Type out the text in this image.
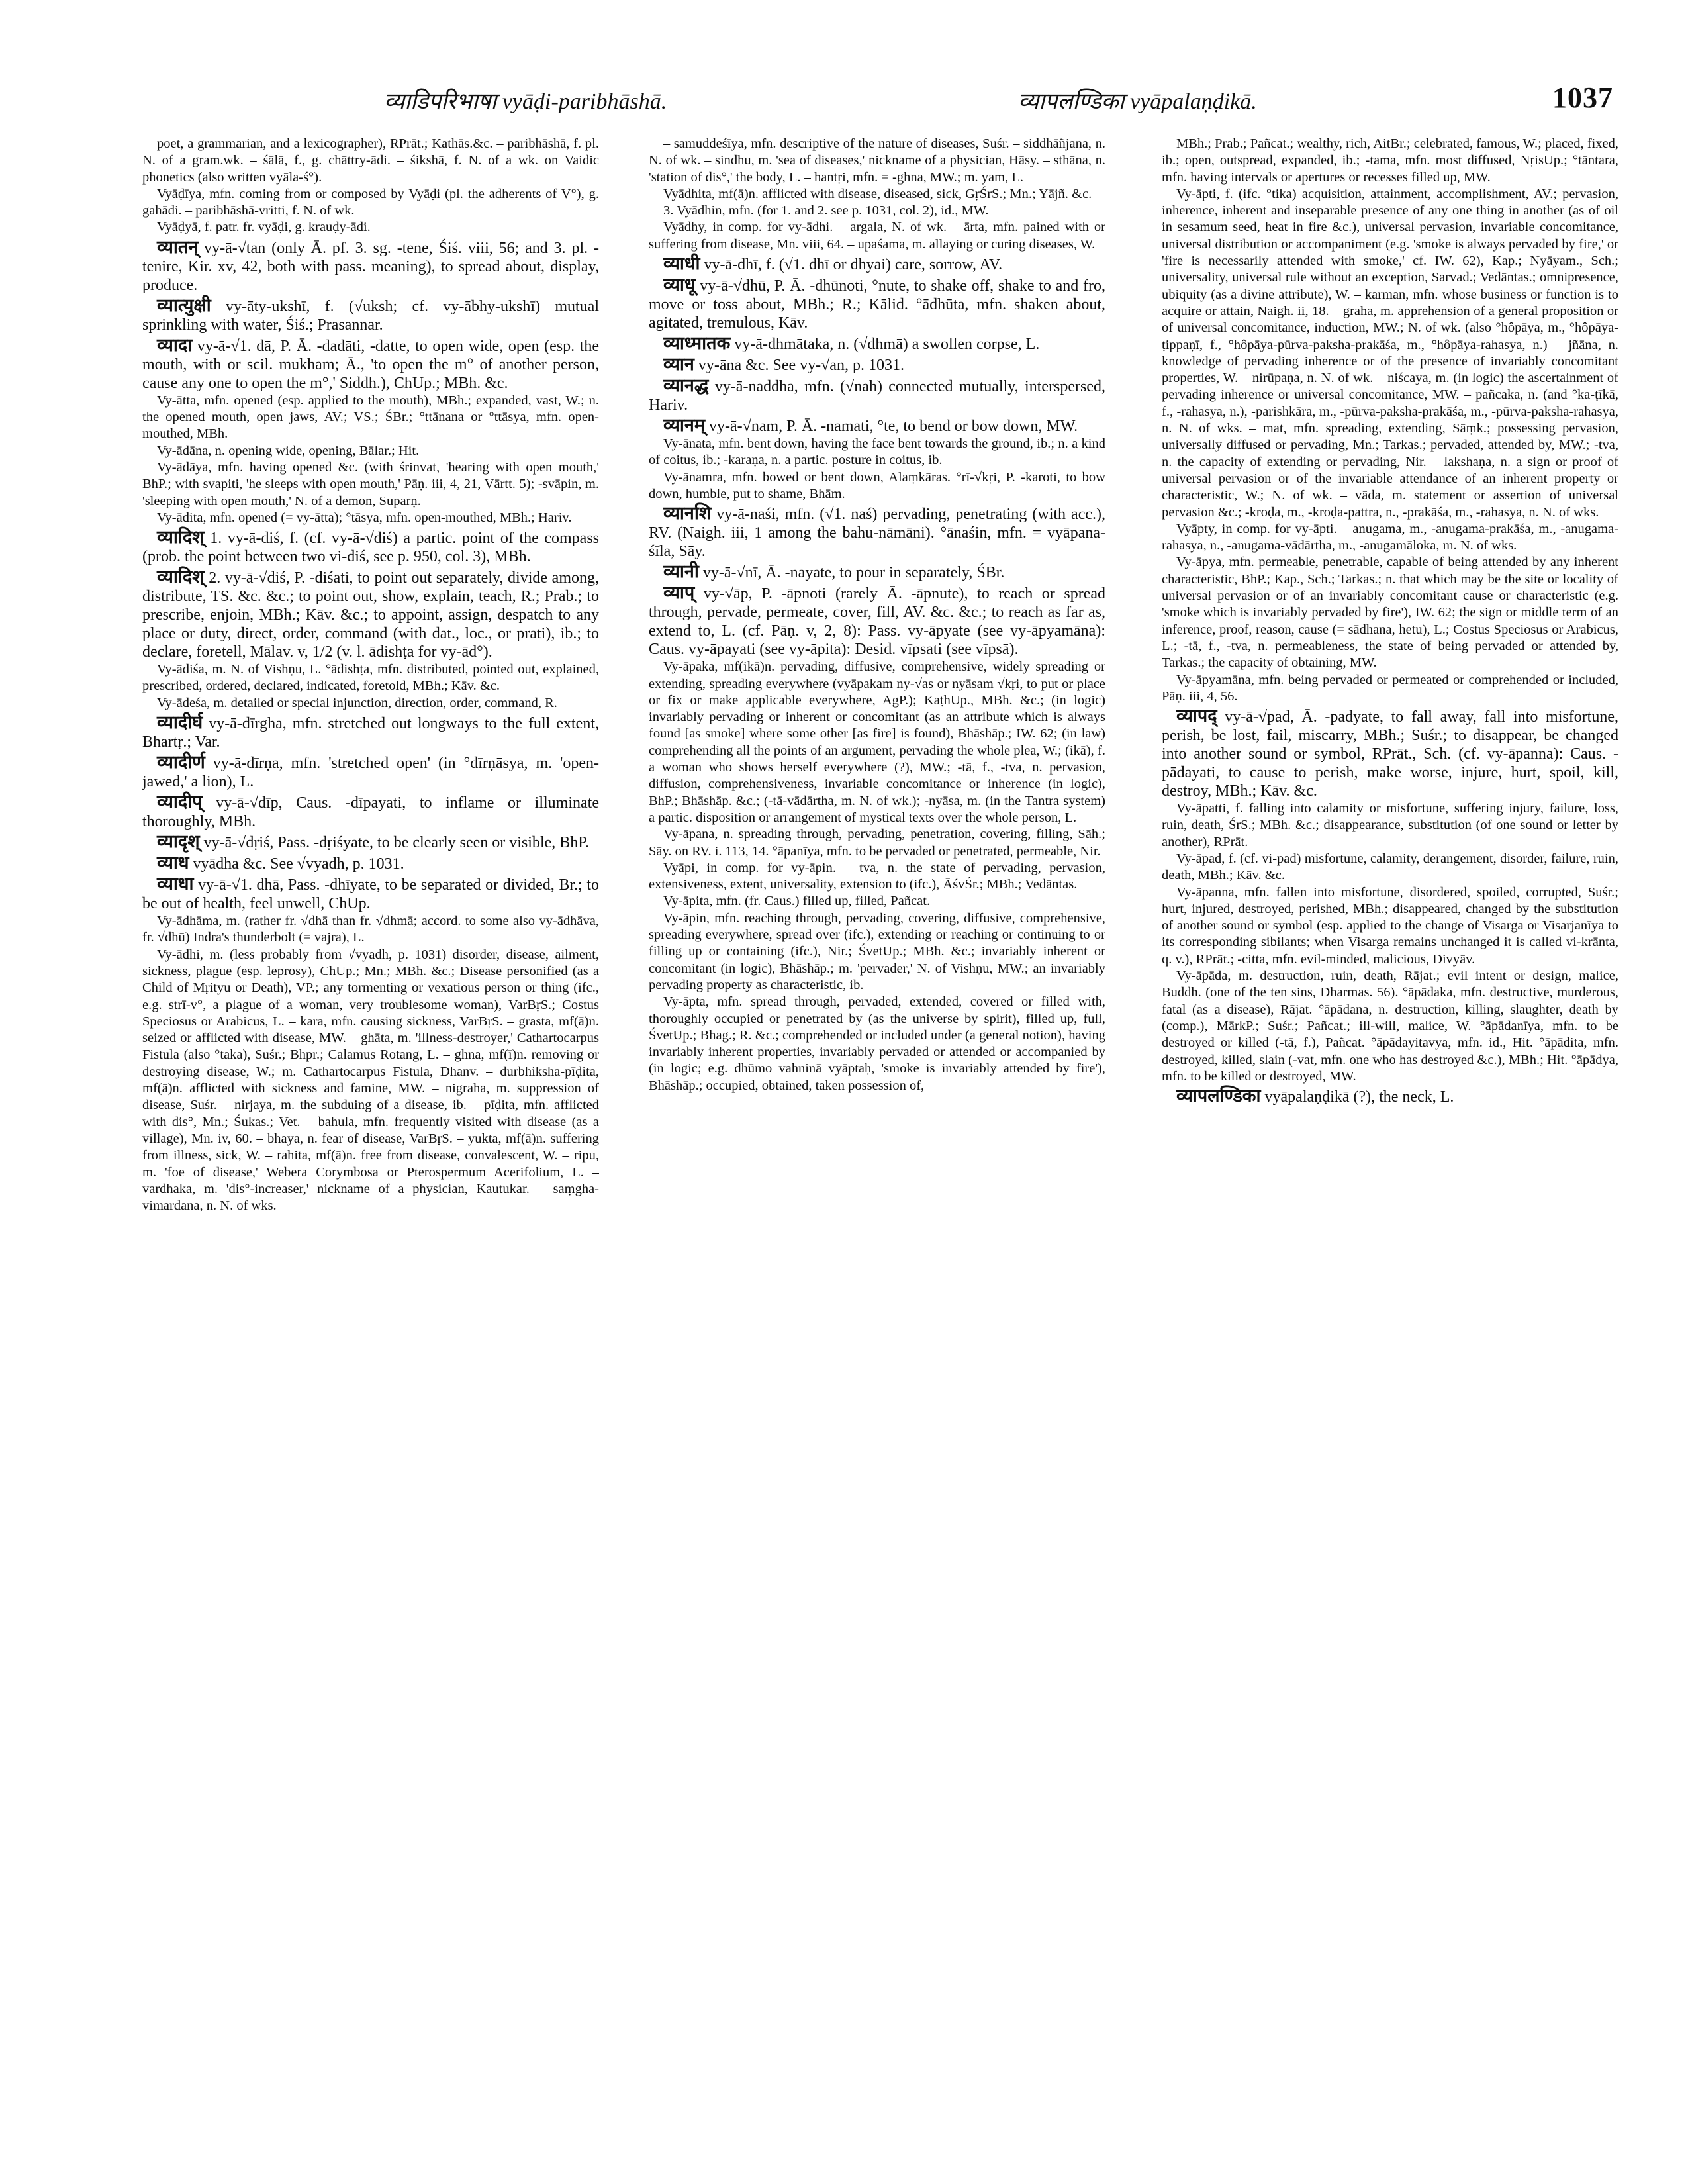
व्याडिपरिभाषा vyāḍi-paribhāshā.	व्यापलण्डिका vyāpalaṇḍikā.	1037

poet, a grammarian, and a lexicographer), RPrāt.; Kathās.&c. – paribhāshā, f. pl. N. of a gram.wk. – śālā, f., g. chāttry-ādi. – śikshā, f. N. of a wk. on Vaidic phonetics (also written vyāla-ś°).

Vyāḍīya, mfn. coming from or composed by Vyāḍi (pl. the adherents of V°), g. gahādi. – paribhāshā-vritti, f. N. of wk.

Vyāḍyā, f. patr. fr. vyāḍi, g. krauḍy-ādi.

व्यातन् vy-ā-√tan (only Ā. pf. 3. sg. -tene, Śiś. viii, 56; and 3. pl. -tenire, Kir. xv, 42, both with pass. meaning), to spread about, display, produce.

व्यात्युक्षी vy-āty-ukshī, f. (√uksh; cf. vy-ābhy-ukshī) mutual sprinkling with water, Śiś.; Prasannar.

व्यादा vy-ā-√1. dā, P. Ā. -dadāti, -datte, to open wide, open (esp. the mouth, with or scil. mukham; Ā., 'to open the m° of another person, cause any one to open the m°,' Siddh.), ChUp.; MBh. &c.

Vy-ātta, mfn. opened (esp. applied to the mouth), MBh.; expanded, vast, W.; n. the opened mouth, open jaws, AV.; VS.; ŚBr.; °ttānana or °ttāsya, mfn. open-mouthed, MBh.

Vy-ādāna, n. opening wide, opening, Bālar.; Hit.

Vy-ādāya, mfn. having opened &c. (with śrinvat, 'hearing with open mouth,' BhP.; with svapiti, 'he sleeps with open mouth,' Pāṇ. iii, 4, 21, Vārtt. 5); -svāpin, m. 'sleeping with open mouth,' N. of a demon, Suparṇ.

Vy-ādita, mfn. opened (= vy-ātta); °tāsya, mfn. open-mouthed, MBh.; Hariv.

व्यादिश् 1. vy-ā-diś, f. (cf. vy-ā-√diś) a partic. point of the compass (prob. the point between two vi-diś, see p. 950, col. 3), MBh.

व्यादिश् 2. vy-ā-√diś, P. -diśati, to point out separately, divide among, distribute, TS. &c. &c.; to point out, show, explain, teach, R.; Prab.; to prescribe, enjoin, MBh.; Kāv. &c.; to appoint, assign, despatch to any place or duty, direct, order, command (with dat., loc., or prati), ib.; to declare, foretell, Mālav. v, 1/2 (v. l. ādishṭa for vy-ād°).

Vy-ādiśa, m. N. of Vishṇu, L. °ādishṭa, mfn. distributed, pointed out, explained, prescribed, ordered, declared, indicated, foretold, MBh.; Kāv. &c.

Vy-ādeśa, m. detailed or special injunction, direction, order, command, R.

व्यादीर्घ vy-ā-dīrgha, mfn. stretched out longways to the full extent, Bhartṛ.; Var.

व्यादीर्ण vy-ā-dīrṇa, mfn. 'stretched open' (in °dīrṇāsya, m. 'open-jawed,' a lion), L.

व्यादीप् vy-ā-√dīp, Caus. -dīpayati, to inflame or illuminate thoroughly, MBh.

व्यादृश् vy-ā-√dṛiś, Pass. -dṛiśyate, to be clearly seen or visible, BhP.

व्याध vyādha &c. See √vyadh, p. 1031.

व्याधा vy-ā-√1. dhā, Pass. -dhīyate, to be separated or divided, Br.; to be out of health, feel unwell, ChUp.

Vy-ādhāma, m. (rather fr. √dhā than fr. √dhmā; accord. to some also vy-ādhāva, fr. √dhū) Indra's thunderbolt (= vajra), L.

Vy-ādhi, m. (less probably from √vyadh, p. 1031) disorder, disease, ailment, sickness, plague (esp. leprosy), ChUp.; Mn.; MBh. &c.; Disease personified (as a Child of Mṛityu or Death), VP.; any tormenting or vexatious person or thing (ifc., e.g. strī-v°, a plague of a woman, very troublesome woman), VarBṛS.; Costus Speciosus or Arabicus, L. – kara, mfn. causing sickness, VarBṛS. – grasta, mf(ā)n. seized or afflicted with disease, MW. – ghāta, m. 'illness-destroyer,' Cathartocarpus Fistula (also °taka), Suśr.; Bhpr.; Calamus Rotang, L. – ghna, mf(ī)n. removing or destroying disease, W.; m. Cathartocarpus Fistula, Dhanv. – durbhiksha-pīḍita, mf(ā)n. afflicted with sickness and famine, MW. – nigraha, m. suppression of disease, Suśr. – nirjaya, m. the subduing of a disease, ib. – pīḍita, mfn. afflicted with dis°, Mn.; Śukas.; Vet. – bahula, mfn. frequently visited with disease (as a village), Mn. iv, 60. – bhaya, n. fear of disease, VarBṛS. – yukta, mf(ā)n. suffering from illness, sick, W. – rahita, mf(ā)n. free from disease, convalescent, W. – ripu, m. 'foe of disease,' Webera Corymbosa or Pterospermum Acerifolium, L. – vardhaka, m. 'dis°-increaser,' nickname of a physician, Kautukar. – saṃgha-vimardana, n. N. of wks.

– samuddeśīya, mfn. descriptive of the nature of diseases, Suśr. – siddhāñjana, n. N. of wk. – sindhu, m. 'sea of diseases,' nickname of a physician, Hāsy. – sthāna, n. 'station of dis°,' the body, L. – hantṛi, mfn. = -ghna, MW.; m. yam, L.

Vyādhita, mf(ā)n. afflicted with disease, diseased, sick, GṛŚrS.; Mn.; Yājñ. &c.

3. Vyādhin, mfn. (for 1. and 2. see p. 1031, col. 2), id., MW.

Vyādhy, in comp. for vy-ādhi. – argala, N. of wk. – ārta, mfn. pained with or suffering from disease, Mn. viii, 64. – upaśama, m. allaying or curing diseases, W.

व्याधी vy-ā-dhī, f. (√1. dhī or dhyai) care, sorrow, AV.

व्याधू vy-ā-√dhū, P. Ā. -dhūnoti, °nute, to shake off, shake to and fro, move or toss about, MBh.; R.; Kālid. °ādhūta, mfn. shaken about, agitated, tremulous, Kāv.

व्याध्मातक vy-ā-dhmātaka, n. (√dhmā) a swollen corpse, L.

व्यान vy-āna &c. See vy-√an, p. 1031.

व्यानद्ध vy-ā-naddha, mfn. (√nah) connected mutually, interspersed, Hariv.

व्यानम् vy-ā-√nam, P. Ā. -namati, °te, to bend or bow down, MW.

Vy-ānata, mfn. bent down, having the face bent towards the ground, ib.; n. a kind of coitus, ib.; -karaṇa, n. a partic. posture in coitus, ib.

Vy-ānamra, mfn. bowed or bent down, Alaṃkāras. °rī-√kṛi, P. -karoti, to bow down, humble, put to shame, Bhām.

व्यानशि vy-ā-naśi, mfn. (√1. naś) pervading, penetrating (with acc.), RV. (Naigh. iii, 1 among the bahu-nāmāni). °ānaśin, mfn. = vyāpana-śīla, Sāy.

व्यानी vy-ā-√nī, Ā. -nayate, to pour in separately, ŚBr.

व्याप् vy-√āp, P. -āpnoti (rarely Ā. -āpnute), to reach or spread through, pervade, permeate, cover, fill, AV. &c. &c.; to reach as far as, extend to, L. (cf. Pāṇ. v, 2, 8): Pass. vy-āpyate (see vy-āpyamāna): Caus. vy-āpayati (see vy-āpita): Desid. vīpsati (see vīpsā).

Vy-āpaka, mf(ikā)n. pervading, diffusive, comprehensive, widely spreading or extending, spreading everywhere (vyāpakam ny-√as or nyāsam √kṛi, to put or place or fix or make applicable everywhere, AgP.); KaṭhUp., MBh. &c.; (in logic) invariably pervading or inherent or concomitant (as an attribute which is always found [as smoke] where some other [as fire] is found), Bhāshāp.; IW. 62; (in law) comprehending all the points of an argument, pervading the whole plea, W.; (ikā), f. a woman who shows herself everywhere (?), MW.; -tā, f., -tva, n. pervasion, diffusion, comprehensiveness, invariable concomitance or inherence (in logic), BhP.; Bhāshāp. &c.; (-tā-vādārtha, m. N. of wk.); -nyāsa, m. (in the Tantra system) a partic. disposition or arrangement of mystical texts over the whole person, L.

Vy-āpana, n. spreading through, pervading, penetration, covering, filling, Sāh.; Sāy. on RV. i. 113, 14. °āpanīya, mfn. to be pervaded or penetrated, permeable, Nir.

Vyāpi, in comp. for vy-āpin. – tva, n. the state of pervading, pervasion, extensiveness, extent, universality, extension to (ifc.), ĀśvŚr.; MBh.; Vedāntas.

Vy-āpita, mfn. (fr. Caus.) filled up, filled, Pañcat.

Vy-āpin, mfn. reaching through, pervading, covering, diffusive, comprehensive, spreading everywhere, spread over (ifc.), extending or reaching or continuing to or filling up or containing (ifc.), Nir.; ŚvetUp.; MBh. &c.; invariably inherent or concomitant (in logic), Bhāshāp.; m. 'pervader,' N. of Vishṇu, MW.; an invariably pervading property as characteristic, ib.

Vy-āpta, mfn. spread through, pervaded, extended, covered or filled with, thoroughly occupied or penetrated by (as the universe by spirit), filled up, full, ŚvetUp.; Bhag.; R. &c.; comprehended or included under (a general notion), having invariably inherent properties, invariably pervaded or attended or accompanied by (in logic; e.g. dhūmo vahninā vyāptaḥ, 'smoke is invariably attended by fire'), Bhāshāp.; occupied, obtained, taken possession of,

MBh.; Prab.; Pañcat.; wealthy, rich, AitBr.; celebrated, famous, W.; placed, fixed, ib.; open, outspread, expanded, ib.; -tama, mfn. most diffused, NṛisUp.; °tāntara, mfn. having intervals or apertures or recesses filled up, MW.

Vy-āpti, f. (ifc. °tika) acquisition, attainment, accomplishment, AV.; pervasion, inherence, inherent and inseparable presence of any one thing in another (as of oil in sesamum seed, heat in fire &c.), universal pervasion, invariable concomitance, universal distribution or accompaniment (e.g. 'smoke is always pervaded by fire,' or 'fire is necessarily attended with smoke,' cf. IW. 62), Kap.; Nyāyam., Sch.; universality, universal rule without an exception, Sarvad.; Vedāntas.; omnipresence, ubiquity (as a divine attribute), W. – karman, mfn. whose business or function is to acquire or attain, Naigh. ii, 18. – graha, m. apprehension of a general proposition or of universal concomitance, induction, MW.; N. of wk. (also °hôpāya, m., °hôpāya-ṭippaṇī, f., °hôpāya-pūrva-paksha-prakāśa, m., °hôpāya-rahasya, n.) – jñāna, n. knowledge of pervading inherence or of the presence of invariably concomitant properties, W. – nirūpaṇa, n. N. of wk. – niścaya, m. (in logic) the ascertainment of pervading inherence or universal concomitance, MW. – pañcaka, n. (and °ka-ṭīkā, f., -rahasya, n.), -parishkāra, m., -pūrva-paksha-prakāśa, m., -pūrva-paksha-rahasya, n. N. of wks. – mat, mfn. spreading, extending, Sāṃk.; possessing pervasion, universally diffused or pervading, Mn.; Tarkas.; pervaded, attended by, MW.; -tva, n. the capacity of extending or pervading, Nir. – lakshaṇa, n. a sign or proof of universal pervasion or of the invariable attendance of an inherent property or characteristic, W.; N. of wk. – vāda, m. statement or assertion of universal pervasion &c.; -kroḍa, m., -kroḍa-pattra, n., -prakāśa, m., -rahasya, n. N. of wks.

Vyāpty, in comp. for vy-āpti. – anugama, m., -anugama-prakāśa, m., -anugama-rahasya, n., -anugama-vādārtha, m., -anugamāloka, m. N. of wks.

Vy-āpya, mfn. permeable, penetrable, capable of being attended by any inherent characteristic, BhP.; Kap., Sch.; Tarkas.; n. that which may be the site or locality of universal pervasion or of an invariably concomitant cause or characteristic (e.g. 'smoke which is invariably pervaded by fire'), IW. 62; the sign or middle term of an inference, proof, reason, cause (= sādhana, hetu), L.; Costus Speciosus or Arabicus, L.; -tā, f., -tva, n. permeableness, the state of being pervaded or attended by, Tarkas.; the capacity of obtaining, MW.

Vy-āpyamāna, mfn. being pervaded or permeated or comprehended or included, Pāṇ. iii, 4, 56.

व्यापद् vy-ā-√pad, Ā. -padyate, to fall away, fall into misfortune, perish, be lost, fail, miscarry, MBh.; Suśr.; to disappear, be changed into another sound or symbol, RPrāt., Sch. (cf. vy-āpanna): Caus. -pādayati, to cause to perish, make worse, injure, hurt, spoil, kill, destroy, MBh.; Kāv. &c.

Vy-āpatti, f. falling into calamity or misfortune, suffering injury, failure, loss, ruin, death, ŚrS.; MBh. &c.; disappearance, substitution (of one sound or letter by another), RPrāt.

Vy-āpad, f. (cf. vi-pad) misfortune, calamity, derangement, disorder, failure, ruin, death, MBh.; Kāv. &c.

Vy-āpanna, mfn. fallen into misfortune, disordered, spoiled, corrupted, Suśr.; hurt, injured, destroyed, perished, MBh.; disappeared, changed by the substitution of another sound or symbol (esp. applied to the change of Visarga or Visarjanīya to its corresponding sibilants; when Visarga remains unchanged it is called vi-krānta, q. v.), RPrāt.; -citta, mfn. evil-minded, malicious, Divyāv.

Vy-āpāda, m. destruction, ruin, death, Rājat.; evil intent or design, malice, Buddh. (one of the ten sins, Dharmas. 56). °āpādaka, mfn. destructive, murderous, fatal (as a disease), Rājat. °āpādana, n. destruction, killing, slaughter, death by (comp.), MārkP.; Suśr.; Pañcat.; ill-will, malice, W. °āpādanīya, mfn. to be destroyed or killed (-tā, f.), Pañcat. °āpādayitavya, mfn. id., Hit. °āpādita, mfn. destroyed, killed, slain (-vat, mfn. one who has destroyed &c.), MBh.; Hit. °āpādya, mfn. to be killed or destroyed, MW.

व्यापलण्डिका vyāpalaṇḍikā (?), the neck, L.
